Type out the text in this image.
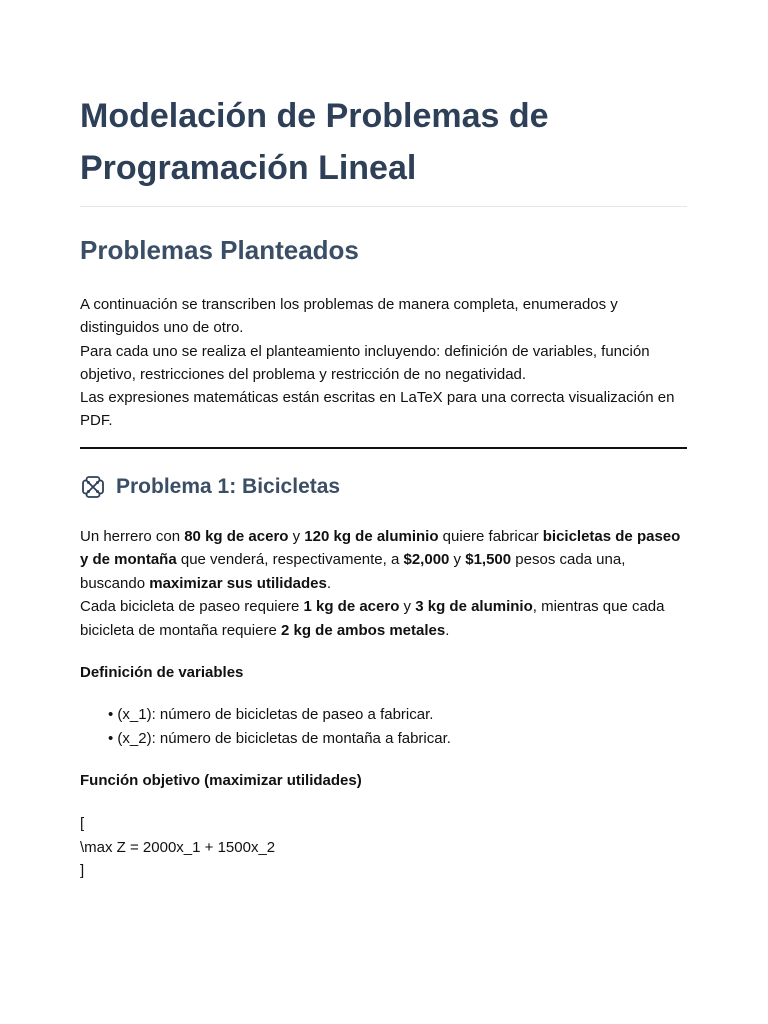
Modelación de Problemas de
Programación Lineal
Problemas Planteados

A continuación se transcriben los problemas de manera completa, enumerados y distinguidos uno de otro.

Para cada uno se realiza el planteamiento incluyendo: definición de variables, función objetivo, restricciones del problema y restricción de no negatividad.

Las expresiones matemáticas están escritas en LaTeX para una correcta visualización en PDF.

Problema 1: Bicicletas

Un herrero con 80 kg de acero y 120 kg de aluminio quiere fabricar bicicletas de paseo y de montaña que venderá, respectivamente, a $2,000 y $1,500 pesos cada una, buscando maximizar sus utilidades.

Cada bicicleta de paseo requiere 1 kg de acero y 3 kg de aluminio, mientras que cada bicicleta de montaña requiere 2 kg de ambos metales.

Definición de variables
• (x_1): número de bicicletas de paseo a fabricar.
• (x_2): número de bicicletas de montaña a fabricar.
Función objetivo (maximizar utilidades)
[
\max Z = 2000x_1 + 1500x_2
]
